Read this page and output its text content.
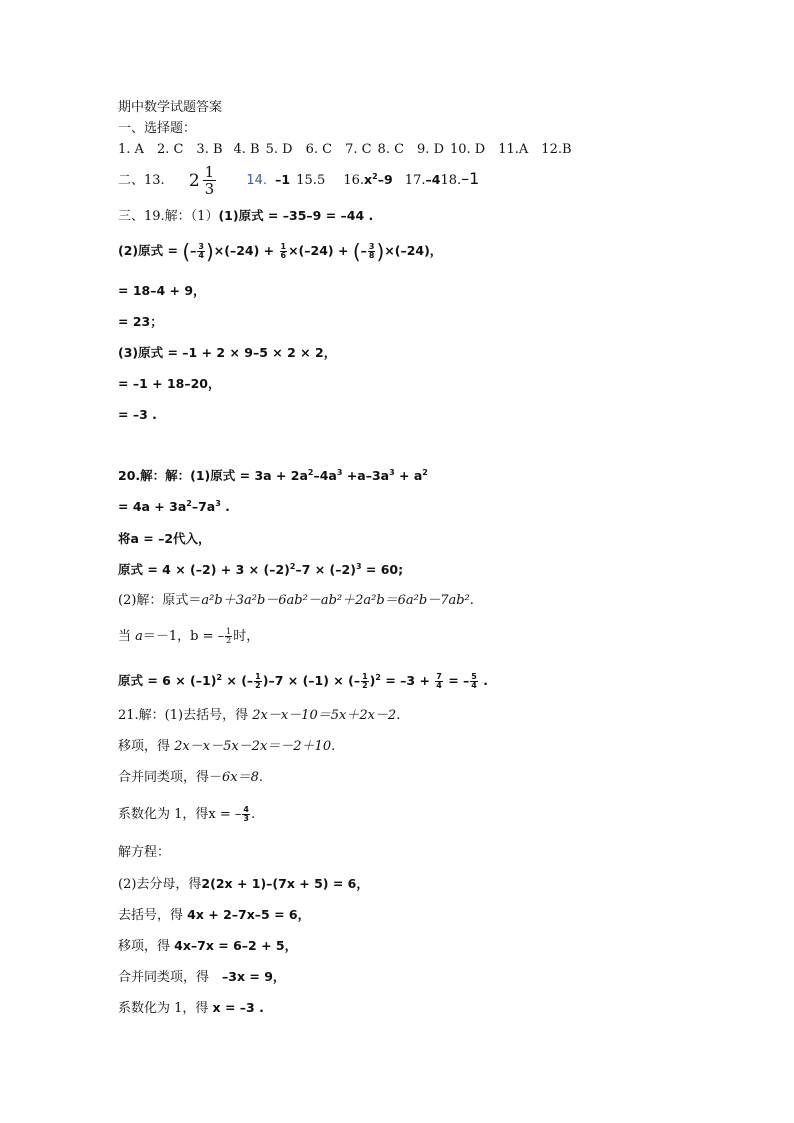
期中数学试题答案
一、选择题：
1. A 2. C 3. B 4. B 5. D 6. C 7. C 8. C 9. D 10. D 11.A 12.B
二、13. $2 \frac{1}{3} 14$. –1 15.5 $16.x^2-9$ 17.–418.–1
三、19.解：（1）(1)原式 = –35–9 = –44 .
(2)原式 = (– $\frac{3}{4} )\times(-24) + \frac{1}{6} \times(-24)$ + (– $\frac{3}{8} )\times(-24)$，
= 18–4 + 9，
= 23；
(3)原式 = –1 + 2 × 9–5 × 2 × 2，
= –1 + 18–20，
= –3 .
20.解：解：(1)原式 = $3a + 2a^2-4a^3 +a-3a^3 + a^2$
= $4a + 3a^2-7a^3$ .
将a = –2代入，
原式 = $4 \times (-2) + 3 \times (-2)^2-7 \times (-2)^3 = 60$;
(2)解：原式＝a²b＋3a²b－6ab²－ab²＋2a²b＝6a²b－7ab².
当 a＝－1，b = – $\frac{1}{2}$ 时，
原式 = $6 \times (-1)^2$ × (– $\frac{1}{2} )-7 \times (-1)$ × (– $\frac{1}{2} )^2 = -3 + \frac{7}{4}$ = – $\frac{5}{4}$ .
21.解：(1)去括号，得 2x－x－10＝5x＋2x－2.
移项，得 2x－x－5x－2x＝－2＋10.
合并同类项，得－6x＝8.
系数化为 1，得x = – $\frac{4}{3}$ .
解方程：
(2)去分母，得2(2x + 1)–(7x + 5) = 6，
去括号，得 4x + 2–7x–5 = 6，
移项，得 4x–7x = 6–2 + 5，
合并同类项，得　–3x = 9，
系数化为 1，得 x = –3 .
